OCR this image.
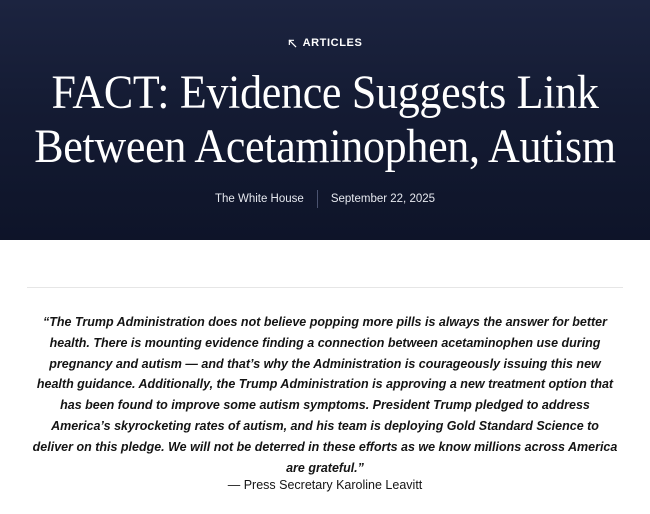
ARTICLES
FACT: Evidence Suggests Link
Between Acetaminophen, Autism
The White House September 22, 2025

“The Trump Administration does not believe popping more pills is always the answer for better health. There is mounting evidence finding a connection between acetaminophen use during pregnancy and autism — and that’s why the Administration is courageously issuing this new health guidance. Additionally, the Trump Administration is approving a new treatment option that has been found to improve some autism symptoms. President Trump pledged to address America’s skyrocketing rates of autism, and his team is deploying Gold Standard Science to deliver on this pledge. We will not be deterred in these efforts as we know millions across America are grateful.”

— Press Secretary Karoline Leavitt
